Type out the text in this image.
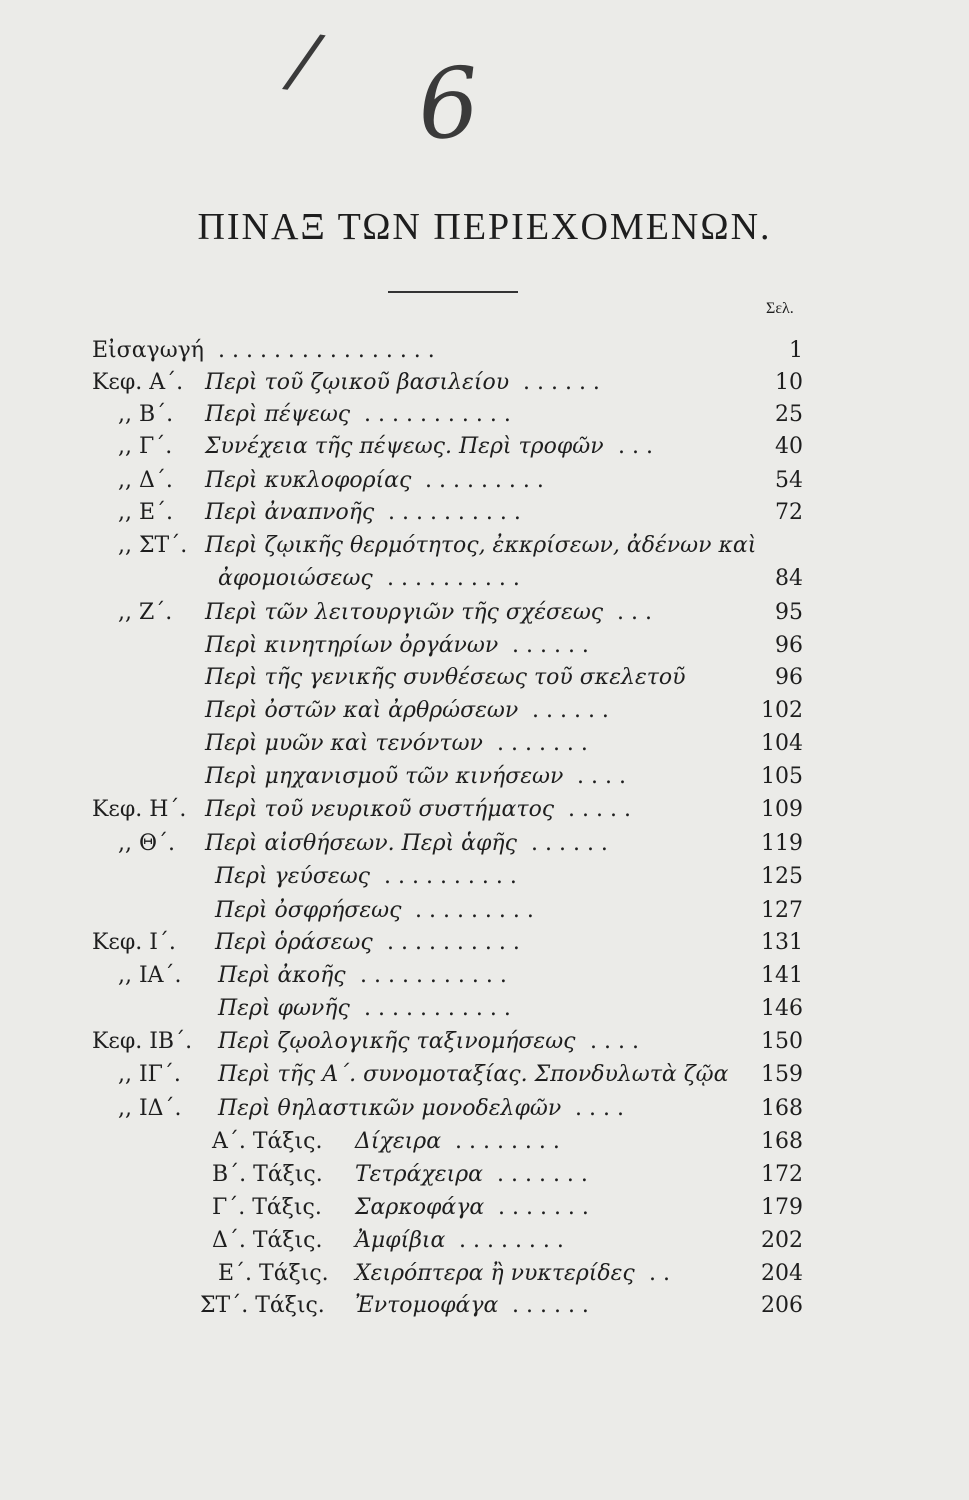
/ 6
ΠΙΝΑΞ ΤΩΝ ΠΕΡΙΕΧΟΜΕΝΩΝ.
Σελ.
Εἰσαγωγή	1
Κεφ. Α΄. Περὶ τοῦ ζῳικοῦ βασιλείου	10
,, Β΄. Περὶ πέψεως	25
,, Γ΄. Συνέχεια τῆς πέψεως. Περὶ τροφῶν	40
,, Δ΄. Περὶ κυκλοφορίας	54
,, Ε΄. Περὶ ἀναπνοῆς	72
,, ΣΤ΄. Περὶ ζῳικῆς θερμότητος, ἐκκρίσεων, ἀδένων καὶ
ἀφομοιώσεως	84
,, Ζ΄. Περὶ τῶν λειτουργιῶν τῆς σχέσεως	95
Περὶ κινητηρίων ὀργάνων	96
Περὶ τῆς γενικῆς συνθέσεως τοῦ σκελετοῦ	96
Περὶ ὀστῶν καὶ ἀρθρώσεων	102
Περὶ μυῶν καὶ τενόντων	104
Περὶ μηχανισμοῦ τῶν κινήσεων	105
Κεφ. Η΄. Περὶ τοῦ νευρικοῦ συστήματος	109
,, Θ΄. Περὶ αἰσθήσεων. Περὶ ἁφῆς	119
Περὶ γεύσεως	125
Περὶ ὀσφρήσεως	127
Κεφ. Ι΄. Περὶ ὁράσεως	131
,, ΙΑ΄. Περὶ ἀκοῆς	141
Περὶ φωνῆς	146
Κεφ. ΙΒ΄. Περὶ ζῳολογικῆς ταξινομήσεως	150
,, ΙΓ΄. Περὶ τῆς Α΄. συνομοταξίας. Σπονδυλωτὰ ζῷα	159
,, ΙΔ΄. Περὶ θηλαστικῶν μονοδελφῶν	168
Α΄. Τάξις. Δίχειρα	168
Β΄. Τάξις. Τετράχειρα	172
Γ΄. Τάξις. Σαρκοφάγα	179
Δ΄. Τάξις. Ἀμφίβια	202
Ε΄. Τάξις. Χειρόπτερα ἢ νυκτερίδες	204
ΣΤ΄. Τάξις. Ἐντομοφάγα	206
. . . . . . . . . . . . . . . .
. . . . . .
. . . . . . . . . . .
. . .
. . . . . . . . .
. . . . . . . . . .
. . . . . . . . . .
. . .
. . . . . .
. . . . . .
. . . . . . .
. . . .
. . . . .
. . . . . .
. . . . . . . . . .
. . . . . . . . .
. . . . . . . . . .
. . . . . . . . . . .
. . . . . . . . . . .
. . . .
. . . .
. . . . . . . .
. . . . . . .
. . . . . . .
. . . . . . . .
. .
. . . . . .
